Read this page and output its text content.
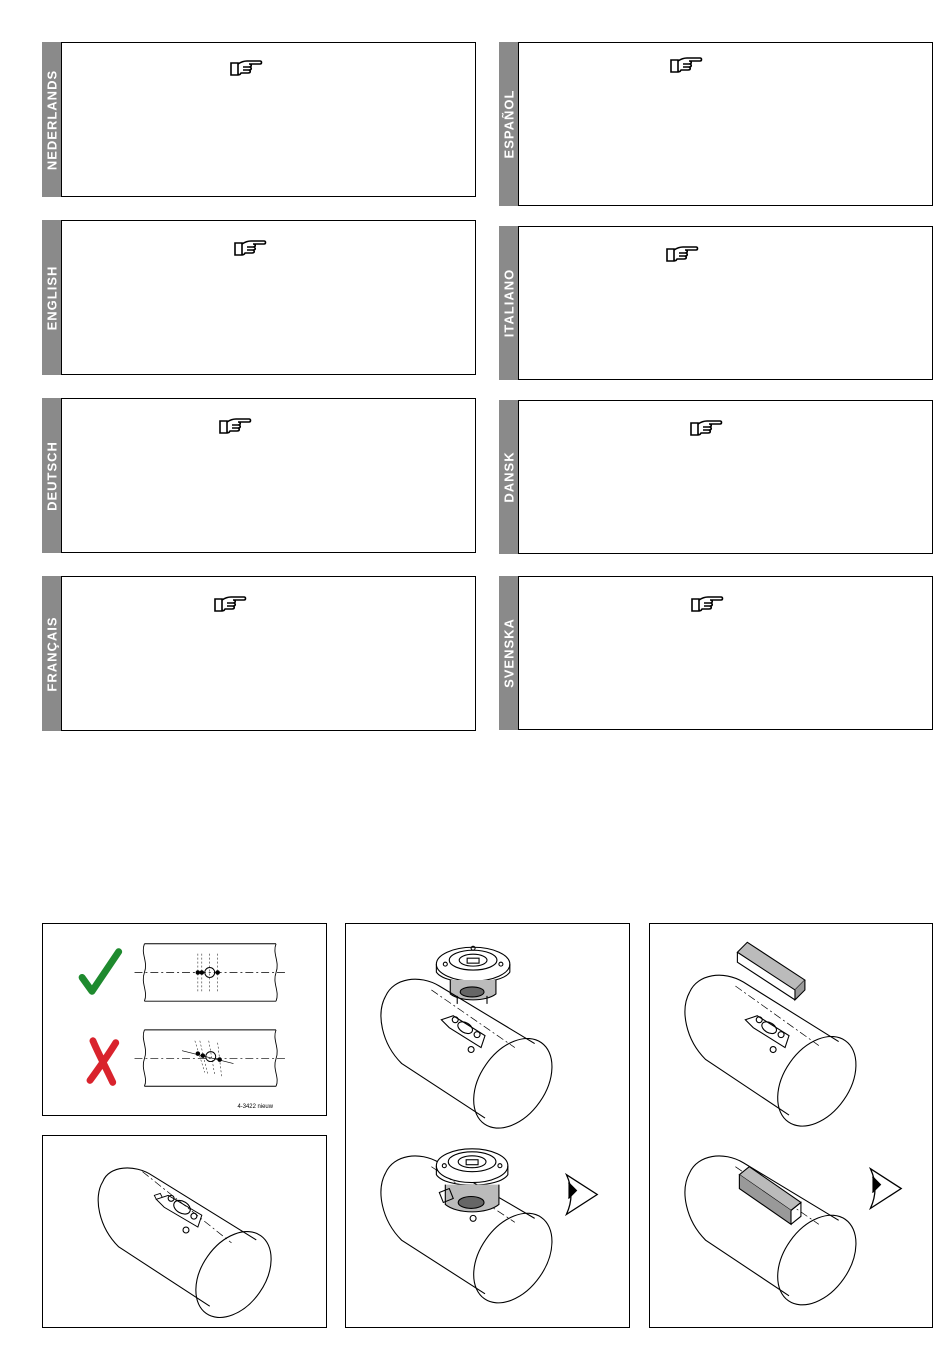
NEDERLANDS
ENGLISH
DEUTSCH
FRANÇAIS
ESPAÑOL
ITALIANO
DANSK
SVENSKA
4-3422 nieuw
